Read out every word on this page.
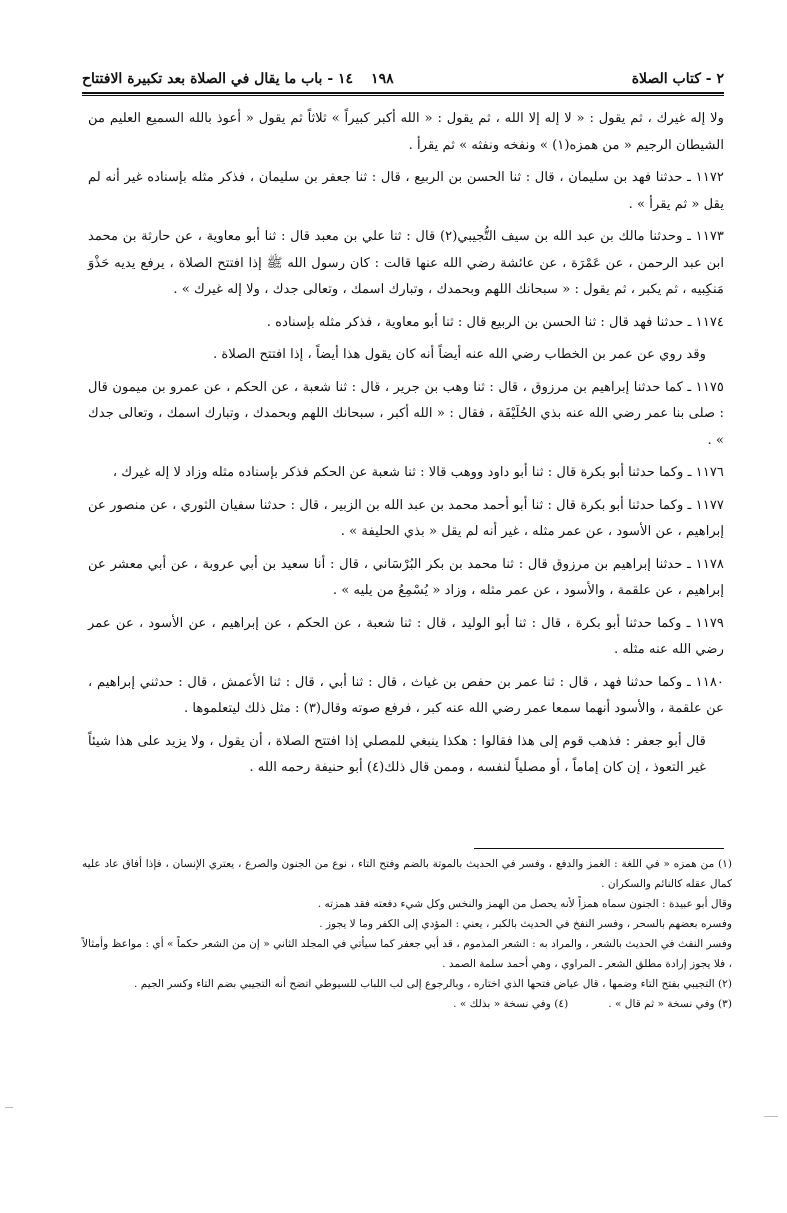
٢ - كتاب الصلاة
١٩٨
١٤ - باب ما يقال في الصلاة بعد تكبيرة الافتتاح

ولا إله غيرك ، ثم يقول : « لا إله إلا الله ، ثم يقول : « الله أكبر كبيراً » ثلاثاً ثم يقول « أعوذ بالله السميع العليم من الشيطان الرجيم « من همزه(١) » ونفخه ونفثه » ثم يقرأ .

١١٧٢ ـ حدثنا فهد بن سليمان ، قال : ثنا الحسن بن الربيع ، قال : ثنا جعفر بن سليمان ، فذكر مثله بإسناده غير أنه لم يقل « ثم يقرأ » .

١١٧٣ ـ وحدثنا مالك بن عبد الله بن سيف التُّجيبي(٢) قال : ثنا علي بن معبد قال : ثنا أبو معاوية ، عن حارثة بن محمد ابن عبد الرحمن ، عن عَمْرَة ، عن عائشة رضي الله عنها قالت : كان رسول الله ﷺ إذا افتتح الصلاة ، يرفع يديه حَذْوَ مَنكِبيه ، ثم يكبر ، ثم يقول : « سبحانك اللهم وبحمدك ، وتبارك اسمك ، وتعالى جدك ، ولا إله غيرك » .

١١٧٤ ـ حدثنا فهد قال : ثنا الحسن بن الربيع قال : ثنا أبو معاوية ، فذكر مثله بإسناده .

وقد روي عن عمر بن الخطاب رضي الله عنه أيضاً أنه كان يقول هذا أيضاً ، إذا افتتح الصلاة .

١١٧٥ ـ كما حدثنا إبراهيم بن مرزوق ، قال : ثنا وهب بن جرير ، قال : ثنا شعبة ، عن الحكم ، عن عمرو بن ميمون قال : صلى بنا عمر رضي الله عنه بذي الحُلَيْفَة ، فقال : « الله أكبر ، سبحانك اللهم وبحمدك ، وتبارك اسمك ، وتعالى جدك » .

١١٧٦ ـ وكما حدثنا أبو بكرة قال : ثنا أبو داود ووهب قالا : ثنا شعبة عن الحكم فذكر بإسناده مثله وزاد لا إله غيرك ،

١١٧٧ ـ وكما حدثنا أبو بكرة قال : ثنا أبو أحمد محمد بن عبد الله بن الزبير ، قال : حدثنا سفيان الثوري ، عن منصور عن إبراهيم ، عن الأسود ، عن عمر مثله ، غير أنه لم يقل « بذي الحليفة » .

١١٧٨ ـ حدثنا إبراهيم بن مرزوق قال : ثنا محمد بن بكر البُرْسَاني ، قال : أنا سعيد بن أبي عروبة ، عن أبي معشر عن إبراهيم ، عن علقمة ، والأسود ، عن عمر مثله ، وزاد « يُسْمِعُ من يليه » .

١١٧٩ ـ وكما حدثنا أبو بكرة ، قال : ثنا أبو الوليد ، قال : ثنا شعبة ، عن الحكم ، عن إبراهيم ، عن الأسود ، عن عمر رضي الله عنه مثله .

١١٨٠ ـ وكما حدثنا فهد ، قال : ثنا عمر بن حفص بن غياث ، قال : ثنا أبي ، قال : ثنا الأعمش ، قال : حدثني إبراهيم ، عن علقمة ، والأسود أنهما سمعا عمر رضي الله عنه كبر ، فرفع صوته وقال(٣) : مثل ذلك ليتعلموها .

قال أبو جعفر : فذهب قوم إلى هذا فقالوا : هكذا ينبغي للمصلي إذا افتتح الصلاة ، أن يقول ، ولا يزيد على هذا شيئاً غير التعوذ ، إن كان إماماً ، أو مصلياً لنفسه ، وممن قال ذلك(٤) أبو حنيفة رحمه الله .

(١) من همزه « في اللغة : الغمز والدفع ، وفسر في الحديث بالموتة بالضم وفتح التاء ، نوع من الجنون والصرع ، يعتري الإنسان ، فإذا أفاق عاد عليه كمال عقله كالنائم والسكران .

وقال أبو عبيدة : الجنون سماه همزاً لأنه يحصل من الهمز والنخس وكل شيء دفعته فقد همزته .

وفسره بعضهم بالسحر ، وفسر النفخ في الحديث بالكبر ، يعني : المؤدي إلى الكفر وما لا يجوز .

وفسر النفث في الحديث بالشعر ، والمراد به : الشعر المذموم ، قد أبي جعفر كما سيأتي في المجلد الثاني « إن من الشعر حكماً » أي : مواعظ وأمثالاً ، فلا يجوز إرادة مطلق الشعر ـ المراوي ، وهي أحمد سلمة الصمد .

(٢) التجيبي بفتح التاء وضمها ، قال عياض فتحها الذي اختاره ، وبالرجوع إلى لب اللباب للسيوطي اتضح أنه التجيبي بضم التاء وكسر الجيم .

(٣) وفي نسخة « ثم قال » .
(٤) وفي نسخة « بذلك » .
